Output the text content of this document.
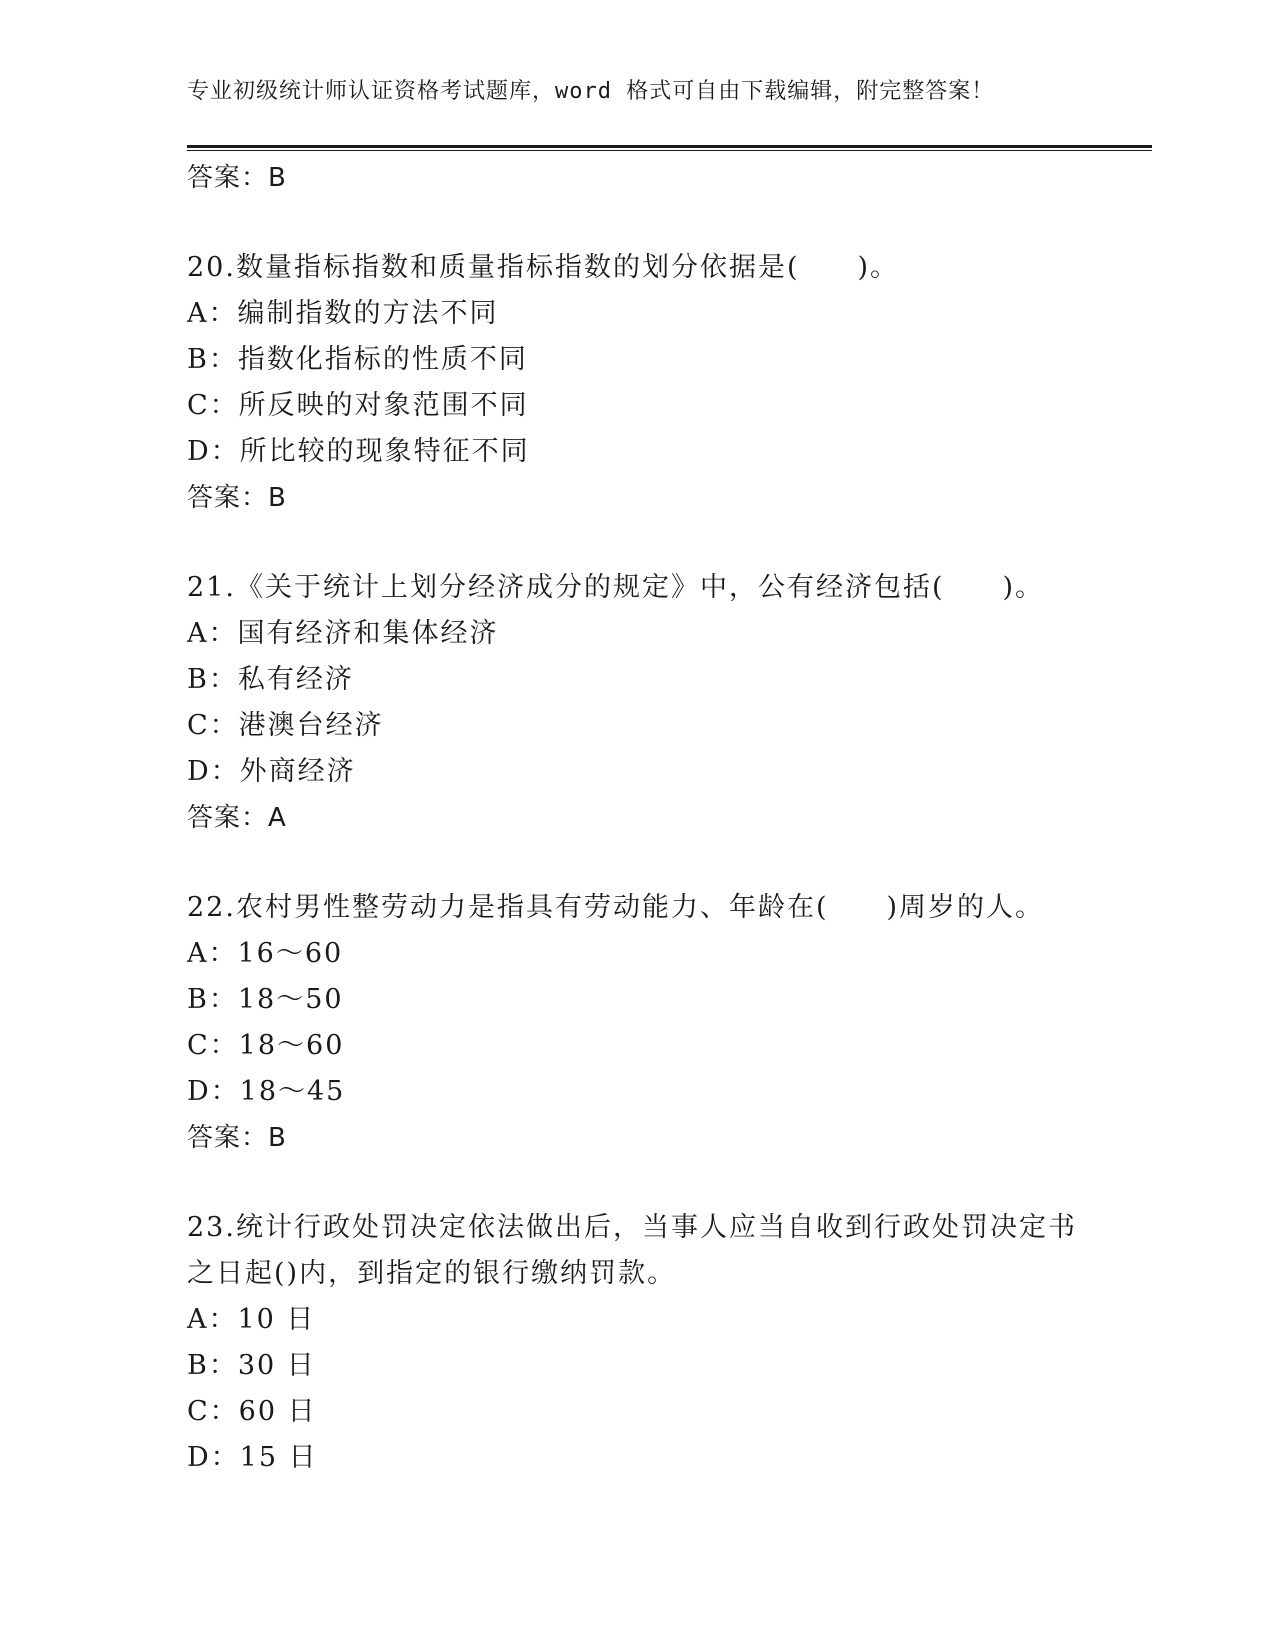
专业初级统计师认证资格考试题库，word 格式可自由下载编辑，附完整答案！
答案：B
20.数量指标指数和质量指标指数的划分依据是(　　)。
A：编制指数的方法不同
B：指数化指标的性质不同
C：所反映的对象范围不同
D：所比较的现象特征不同
答案：B
21.《关于统计上划分经济成分的规定》中，公有经济包括(　　)。
A：国有经济和集体经济
B：私有经济
C：港澳台经济
D：外商经济
答案：A
22.农村男性整劳动力是指具有劳动能力、年龄在(　　)周岁的人。
A：16～60
B：18～50
C：18～60
D：18～45
答案：B
23.统计行政处罚决定依法做出后，当事人应当自收到行政处罚决定书
之日起()内，到指定的银行缴纳罚款。
A：10 日
B：30 日
C：60 日
D：15 日
